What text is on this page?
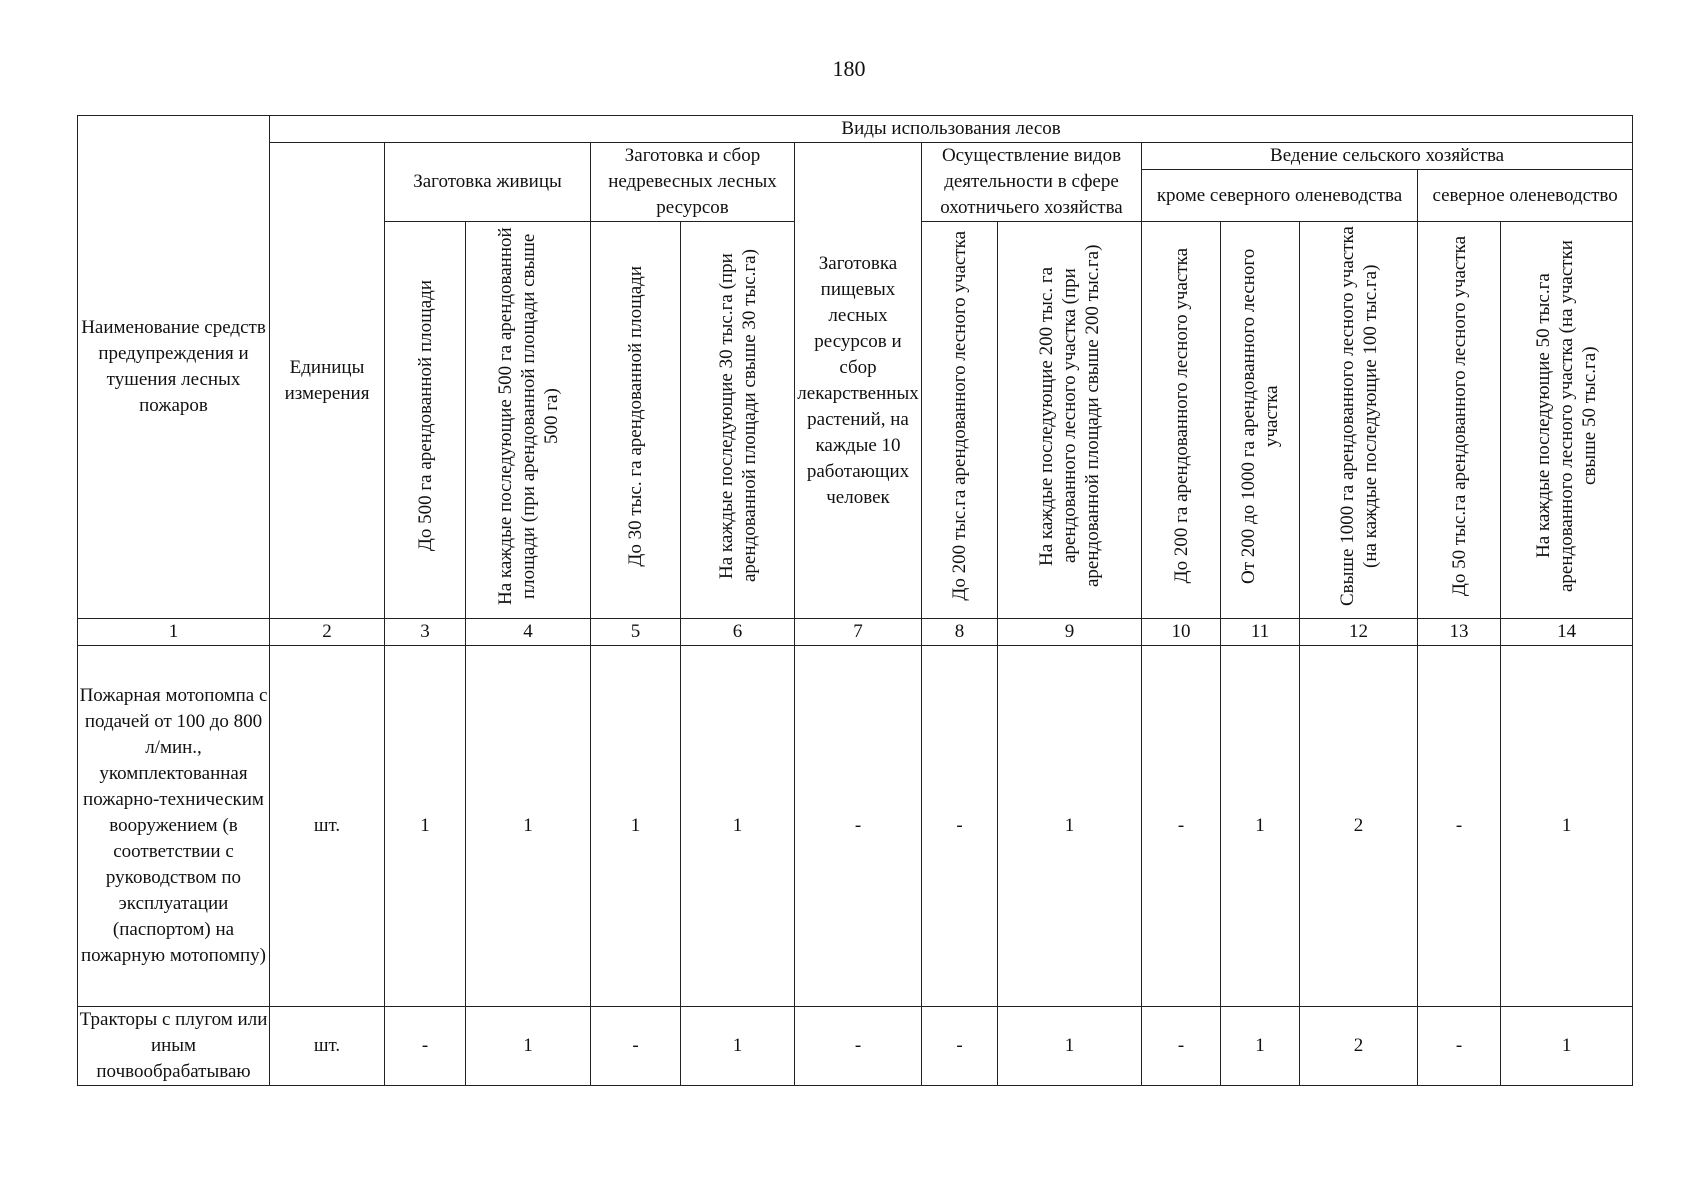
180
Наименование средств предупреждения и тушения лесных пожаров	Виды использования лесов												
	Единицы измерения	Заготовка живицы		Заготовка и сбор недревесных лесных ресурсов		Заготовка пищевых лесных ресурсов и сбор лекарственных растений, на каждые 10 работающих человек	Осуществление видов деятельности в сфере охотничьего хозяйства		Ведение сельского хозяйства				
									кроме северного оленеводства			северное оленеводство	
		До 500 га арендованной площади	На каждые последующие 500 га арендованной площади (при арендованной площади свыше 500 га)	До 30 тыс. га арендованной площади	На каждые последующие 30 тыс.га (при арендованной площади свыше 30 тыс.га)		До 200 тыс.га арендованного лесного участка	На каждые последующие 200 тыс. га арендованного лесного участка (при арендованной площади свыше 200 тыс.га)	До 200 га арендованного лесного участка	От 200 до 1000 га арендованного лесного участка	Свыше 1000 га арендованного лесного участка (на каждые последующие 100 тыс.га)	До 50 тыс.га арендованного лесного участка	На каждые последующие 50 тыс.га арендованного лесного участка (на участки свыше 50 тыс.га)
1	2	3	4	5	6	7	8	9	10	11	12	13	14
Пожарная мотопомпа с подачей от 100 до 800 л/мин., укомплектованная пожарно-техническим вооружением (в соответствии с руководством по эксплуатации (паспортом) на пожарную мотопомпу)	шт.	1	1	1	1	-	-	1	-	1	2	-	1
Тракторы с плугом или иным почвообрабатываю	шт.	-	1	-	1	-	-	1	-	1	2	-	1
